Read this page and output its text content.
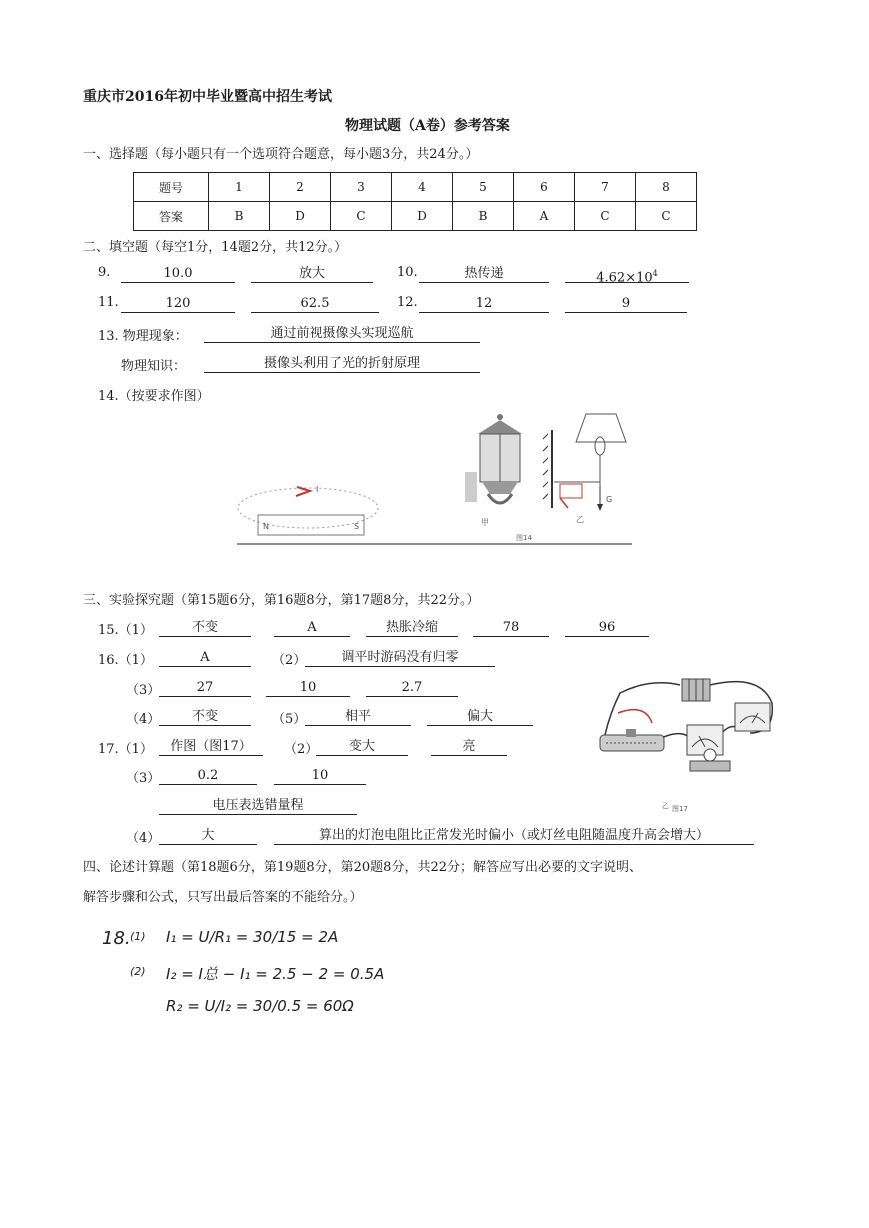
重庆市2016年初中毕业暨高中招生考试
物理试题（A卷）参考答案
一、选择题（每小题只有一个选项符合题意，每小题3分，共24分。）
题号	1	2	3	4	5	6	7	8
答案	B	D	C	D	B	A	C	C
二、填空题（每空1分，14题2分，共12分。）
9.	10.0	放大	10.	热传递	$4.62\times 10^4$
11.	120	62.5	12.	12	9
13. 物理现象：	通过前视摄像头实现巡航
物理知识：	摄像头利用了光的折射原理
14.（按要求作图）
N	S
I
甲
G
乙
图14
三、实验探究题（第15题6分，第16题8分，第17题8分，共22分。）
15.（1）	不变	A	热胀冷缩	78	96
16.（1）	A	（2）	调平时游码没有归零
（3）	27	10	2.7
（4）	不变	（5）	相平	偏大
17.（1）	作图（图17）	（2）	变大	亮
（3）	0.2	10
电压表选错量程
（4）	大	算出的灯泡电阻比正常发光时偏小（或灯丝电阻随温度升高会增大）
乙 图17
四、论述计算题（第18题6分，第19题8分，第20题8分，共22分；解答应写出必要的文字说明、
解答步骤和公式，只写出最后答案的不能给分。）
18. (1) I₁ = U/R₁ = 30/15 = 2A
(2) I₂ = I总 − I₁ = 2.5 − 2 = 0.5A
R₂ = U/I₂ = 30/0.5 = 60Ω
